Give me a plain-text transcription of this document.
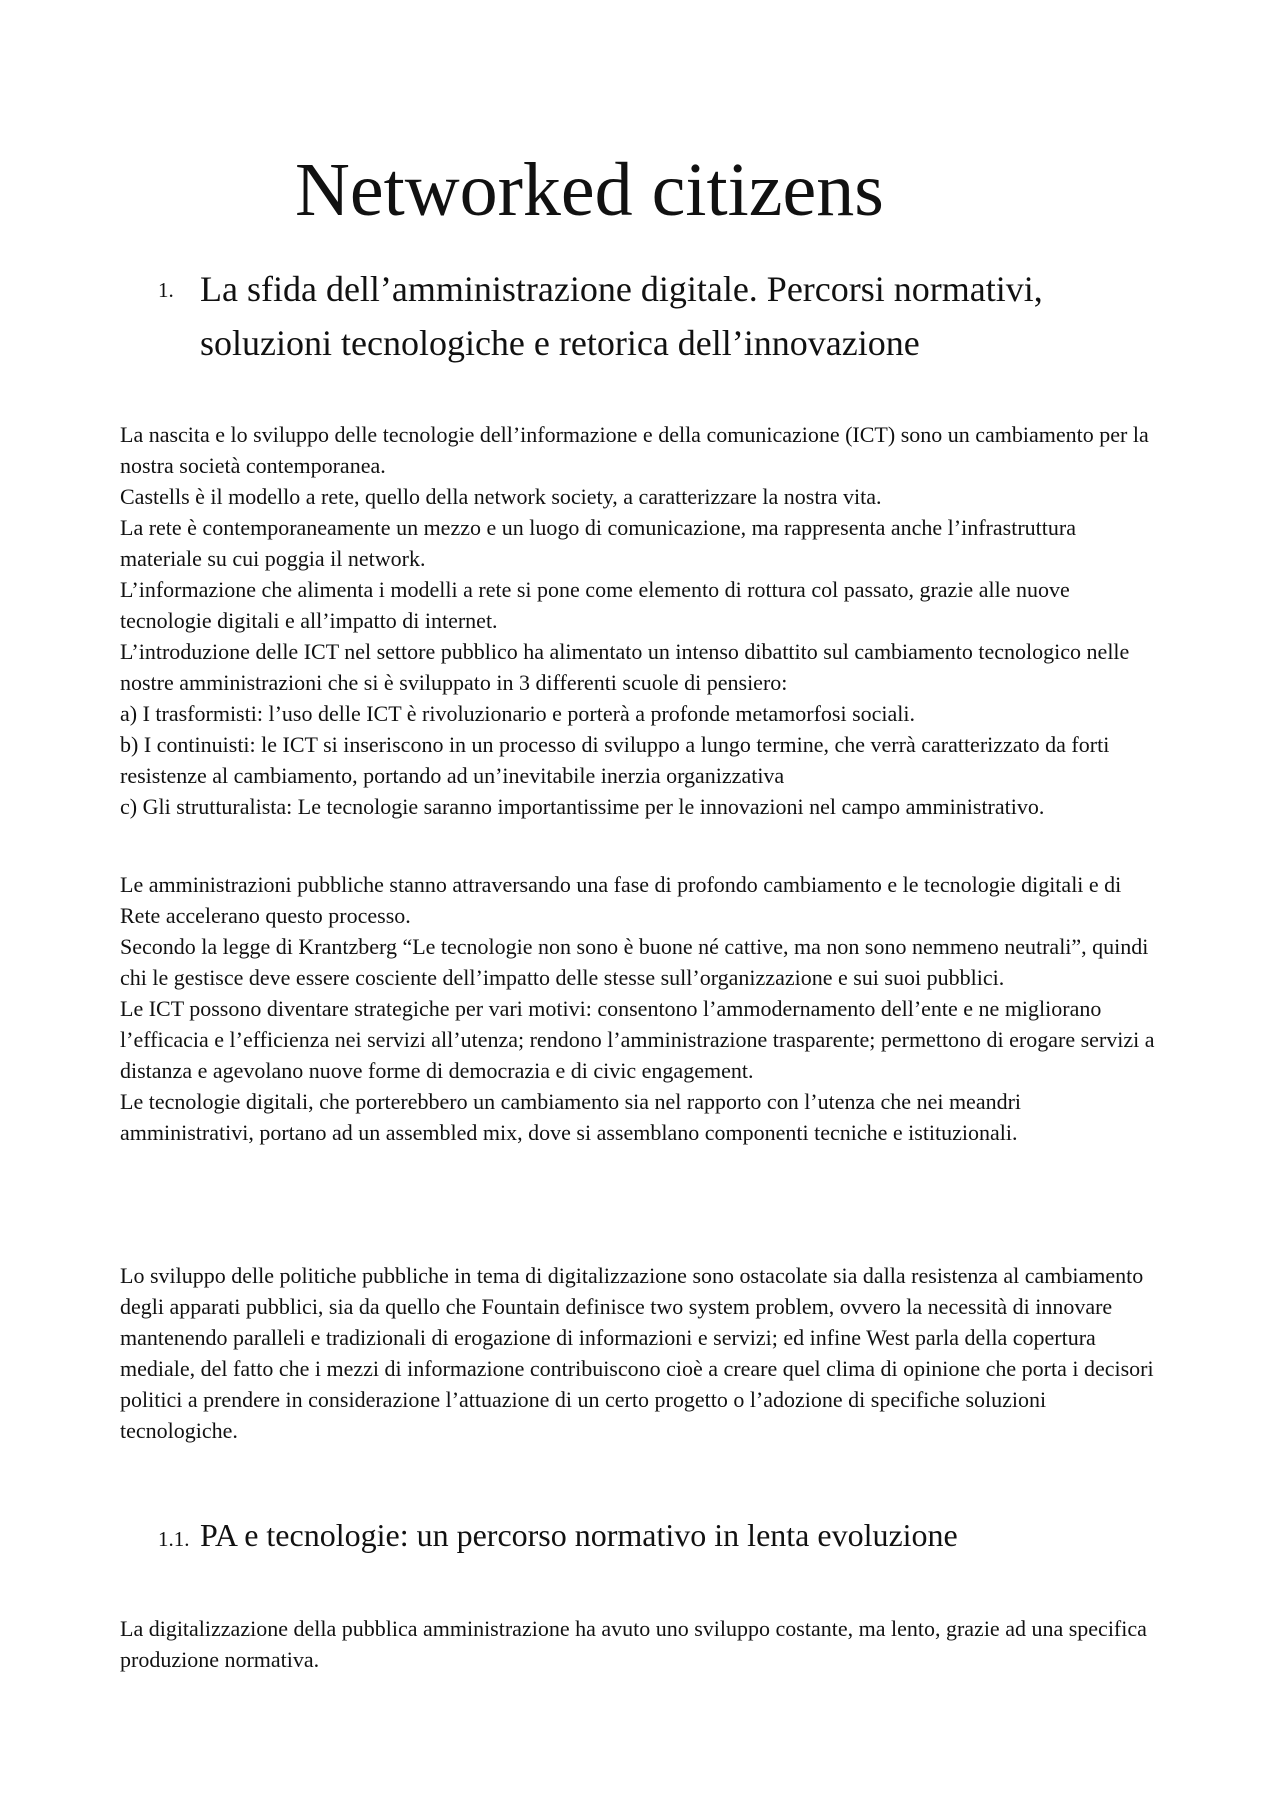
Networked citizens
1. La sfida dell’amministrazione digitale. Percorsi normativi,
soluzioni tecnologiche e retorica dell’innovazione

La nascita e lo sviluppo delle tecnologie dell’informazione e della comunicazione (ICT) sono un cambiamento per la nostra società contemporanea.

Castells è il modello a rete, quello della network society, a caratterizzare la nostra vita.

La rete è contemporaneamente un mezzo e un luogo di comunicazione, ma rappresenta anche l’infrastruttura materiale su cui poggia il network.

L’informazione che alimenta i modelli a rete si pone come elemento di rottura col passato, grazie alle nuove tecnologie digitali e all’impatto di internet.

L’introduzione delle ICT nel settore pubblico ha alimentato un intenso dibattito sul cambiamento tecnologico nelle nostre amministrazioni che si è sviluppato in 3 differenti scuole di pensiero:

a) I trasformisti: l’uso delle ICT è rivoluzionario e porterà a profonde metamorfosi sociali.

b) I continuisti: le ICT si inseriscono in un processo di sviluppo a lungo termine, che verrà caratterizzato da forti resistenze al cambiamento, portando ad un’inevitabile inerzia organizzativa

c) Gli strutturalista: Le tecnologie saranno importantissime per le innovazioni nel campo amministrativo.

Le amministrazioni pubbliche stanno attraversando una fase di profondo cambiamento e le tecnologie digitali e di Rete accelerano questo processo.

Secondo la legge di Krantzberg “Le tecnologie non sono è buone né cattive, ma non sono nemmeno neutrali”, quindi chi le gestisce deve essere cosciente dell’impatto delle stesse sull’organizzazione e sui suoi pubblici.

Le ICT possono diventare strategiche per vari motivi: consentono l’ammodernamento dell’ente e ne migliorano l’efficacia e l’efficienza nei servizi all’utenza; rendono l’amministrazione trasparente; permettono di erogare servizi a distanza e agevolano nuove forme di democrazia e di civic engagement.

Le tecnologie digitali, che porterebbero un cambiamento sia nel rapporto con l’utenza che nei meandri amministrativi, portano ad un assembled mix, dove si assemblano componenti tecniche e istituzionali.

Lo sviluppo delle politiche pubbliche in tema di digitalizzazione sono ostacolate sia dalla resistenza al cambiamento degli apparati pubblici, sia da quello che Fountain definisce two system problem, ovvero la necessità di innovare mantenendo paralleli e tradizionali di erogazione di informazioni e servizi; ed infine West parla della copertura mediale, del fatto che i mezzi di informazione contribuiscono cioè a creare quel clima di opinione che porta i decisori politici a prendere in considerazione l’attuazione di un certo progetto o l’adozione di specifiche soluzioni tecnologiche.

1.1. PA e tecnologie: un percorso normativo in lenta evoluzione

La digitalizzazione della pubblica amministrazione ha avuto uno sviluppo costante, ma lento, grazie ad una specifica produzione normativa.
